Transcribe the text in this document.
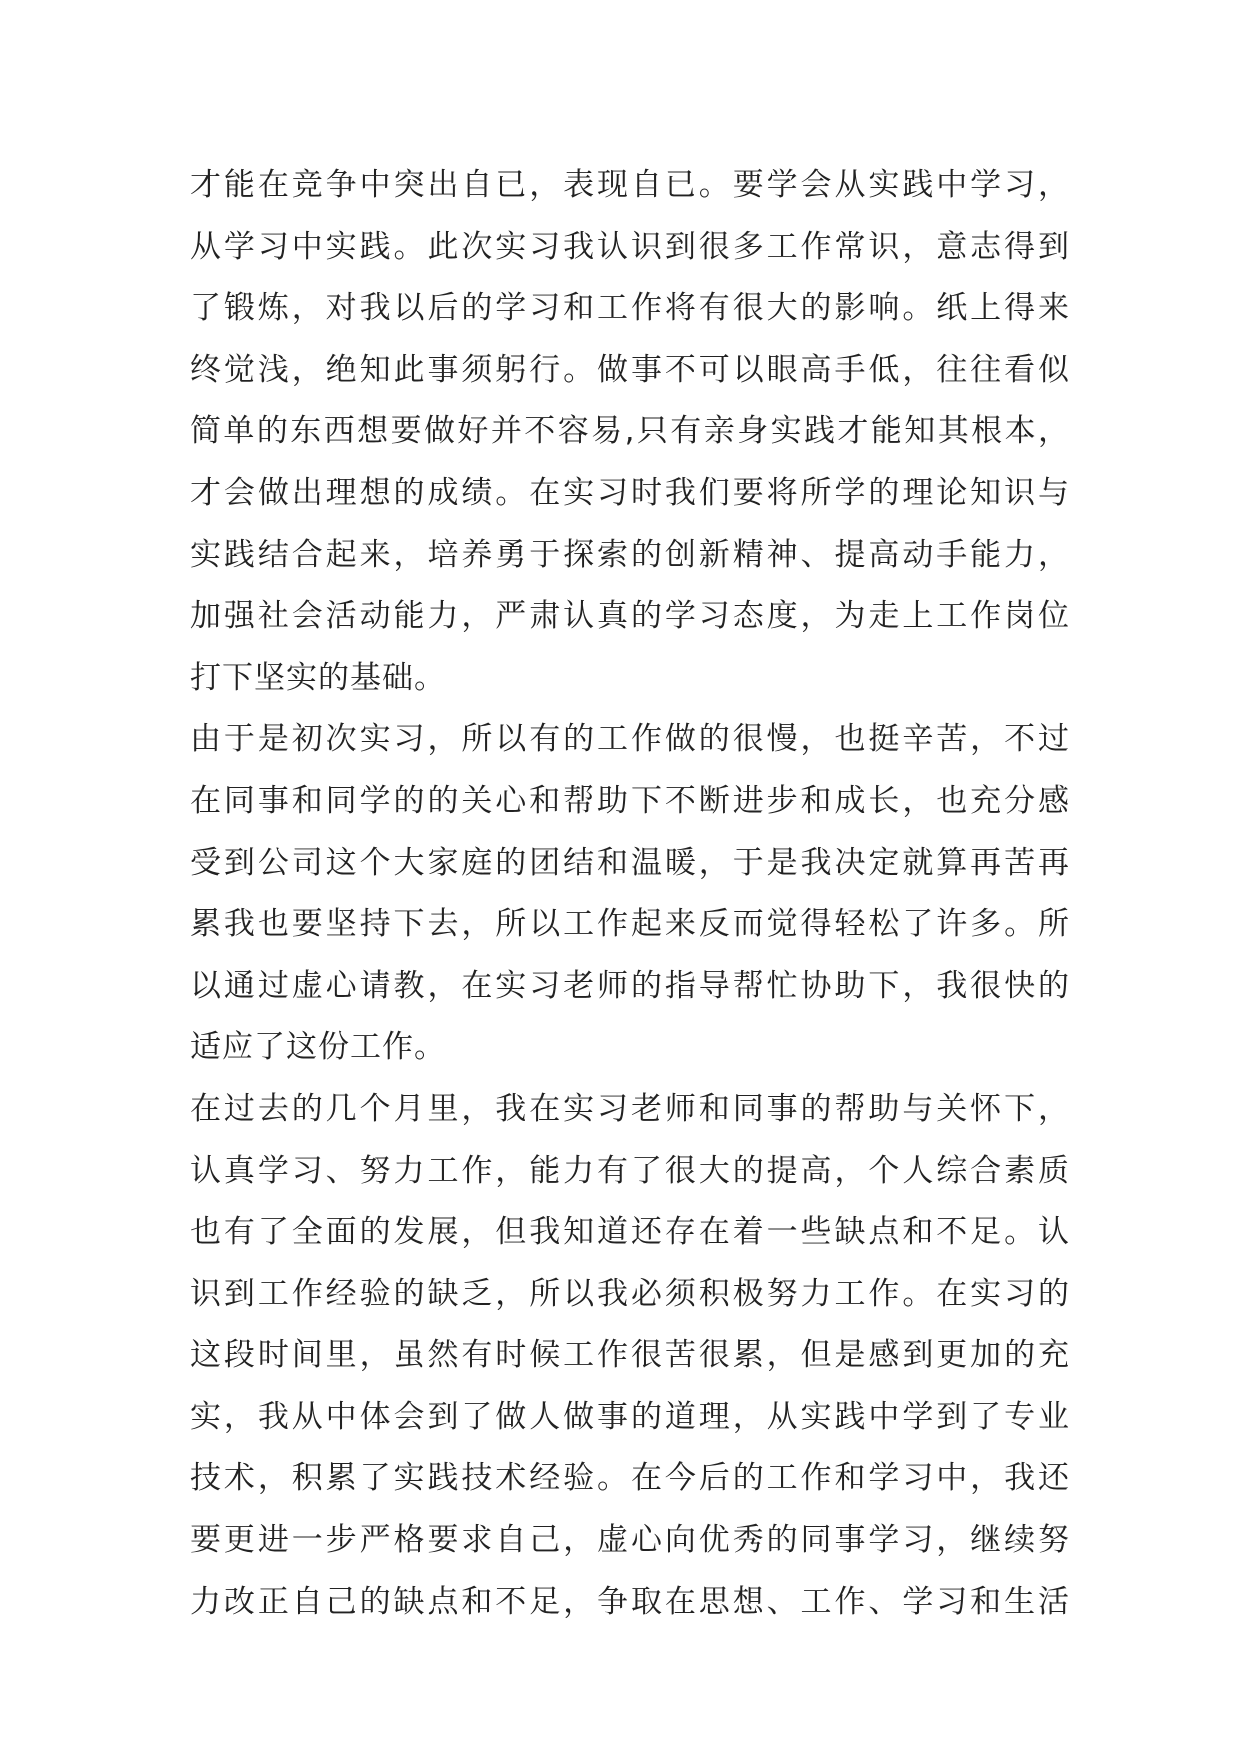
才能在竞争中突出自已，表现自已。要学会从实践中学习，
从学习中实践。此次实习我认识到很多工作常识，意志得到
了锻炼，对我以后的学习和工作将有很大的影响。纸上得来
终觉浅，绝知此事须躬行。做事不可以眼高手低，往往看似
简单的东西想要做好并不容易,只有亲身实践才能知其根本，
才会做出理想的成绩。在实习时我们要将所学的理论知识与
实践结合起来，培养勇于探索的创新精神、提高动手能力，
加强社会活动能力，严肃认真的学习态度，为走上工作岗位
打下坚实的基础。
由于是初次实习，所以有的工作做的很慢，也挺辛苦，不过
在同事和同学的的关心和帮助下不断进步和成长，也充分感
受到公司这个大家庭的团结和温暖，于是我决定就算再苦再
累我也要坚持下去，所以工作起来反而觉得轻松了许多。所
以通过虚心请教，在实习老师的指导帮忙协助下，我很快的
适应了这份工作。
在过去的几个月里，我在实习老师和同事的帮助与关怀下，
认真学习、努力工作，能力有了很大的提高，个人综合素质
也有了全面的发展，但我知道还存在着一些缺点和不足。认
识到工作经验的缺乏，所以我必须积极努力工作。在实习的
这段时间里，虽然有时候工作很苦很累，但是感到更加的充
实，我从中体会到了做人做事的道理，从实践中学到了专业
技术，积累了实践技术经验。在今后的工作和学习中，我还
要更进一步严格要求自己，虚心向优秀的同事学习，继续努
力改正自己的缺点和不足，争取在思想、工作、学习和生活
